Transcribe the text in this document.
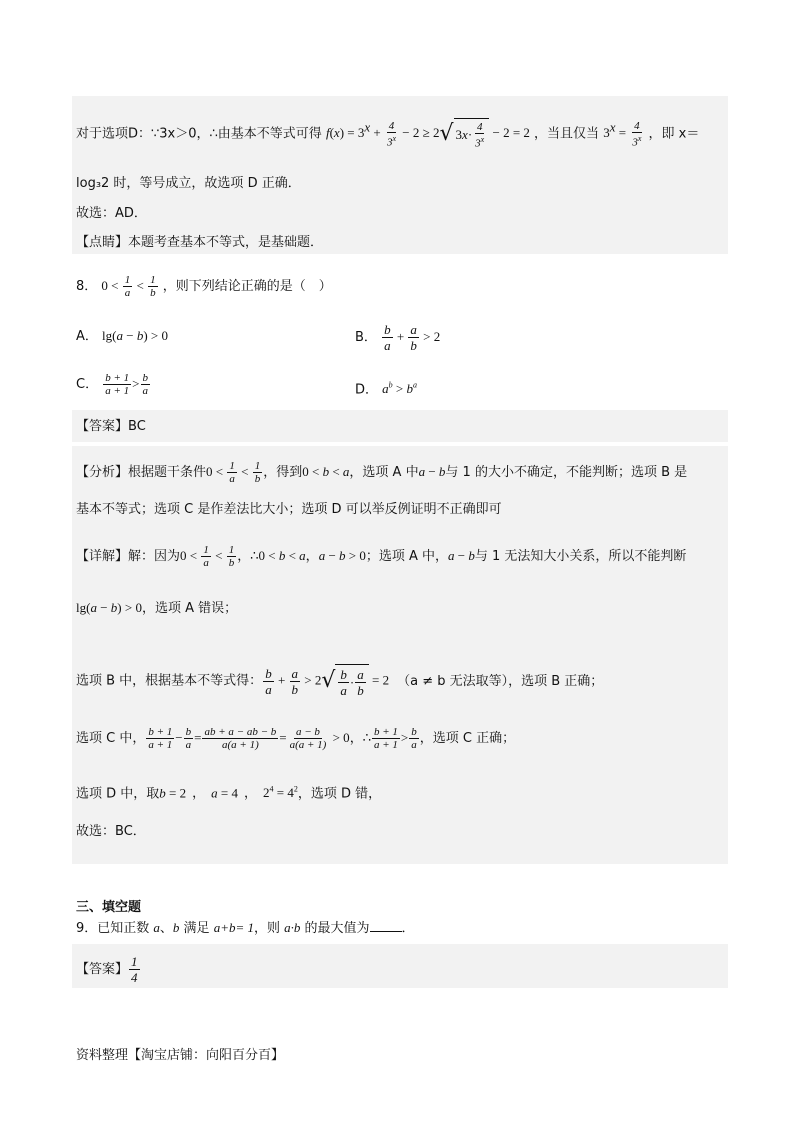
对于选项D：∵3x＞0，∴由基本不等式可得 $f(x) = 3^x + \frac{4}{3^x} - 2 \ge 2$ √ 3 $x \cdot \frac{4}{3^x} - 2 = 2$ ，当且仅当 $3^x = \frac{4}{3^x}$ ，即 x＝
log₃2 时，等号成立，故选项 D 正确．
故选：AD．
【点睛】本题考查基本不等式，是基础题．
8． $0 < \frac{1}{a} < \frac{1}{b}$ ，则下列结论正确的是（　）
A． lg(a − b) > 0	B． $\frac{b}{a} + \frac{a}{b} > 2$
C． $\frac{b + 1}{a + 1} > \frac{b}{a}$	D． $a^b > b^a$
【答案】BC
【分析】根据题干条件$0 < \frac{1}{a} < \frac{1}{b}$ ，得到0 < b < a，选项 A 中a − b与 1 的大小不确定，不能判断；选项 B 是
基本不等式；选项 C 是作差法比大小；选项 D 可以举反例证明不正确即可
【详解】解：因为$0 < \frac{1}{a} < \frac{1}{b}$ ，∴0 < b < a，a − b > 0；选项 A 中，a − b与 1 无法知大小关系，所以不能判断
lg(a − b) > 0，选项 A 错误；
选项 B 中，根据基本不等式得： $\frac{b}{a} + \frac{a}{b} > 2$ √ $\frac{b}{a} \cdot \frac{a}{b} = 2$ （a ≠ b 无法取等），选项 B 正确；
选项 C 中， $\frac{b + 1}{a + 1} - \frac{b}{a} = \frac{ab + a - ab - b}{a(a + 1)} = \frac{a - b}{a(a + 1)} > 0$，∴ $\frac{b + 1}{a + 1} > \frac{b}{a}$ ，选项 C 正确；
选项 D 中，取b = 2 ， a = 4 ， $2^4 = 4^2$，选项 D 错，
故选：BC．
三、填空题
9．已知正数 a、b 满足 a+b= 1，则 a·b 的最大值为 ．
【答案】 $\frac{1}{4}$
资料整理【淘宝店铺：向阳百分百】
